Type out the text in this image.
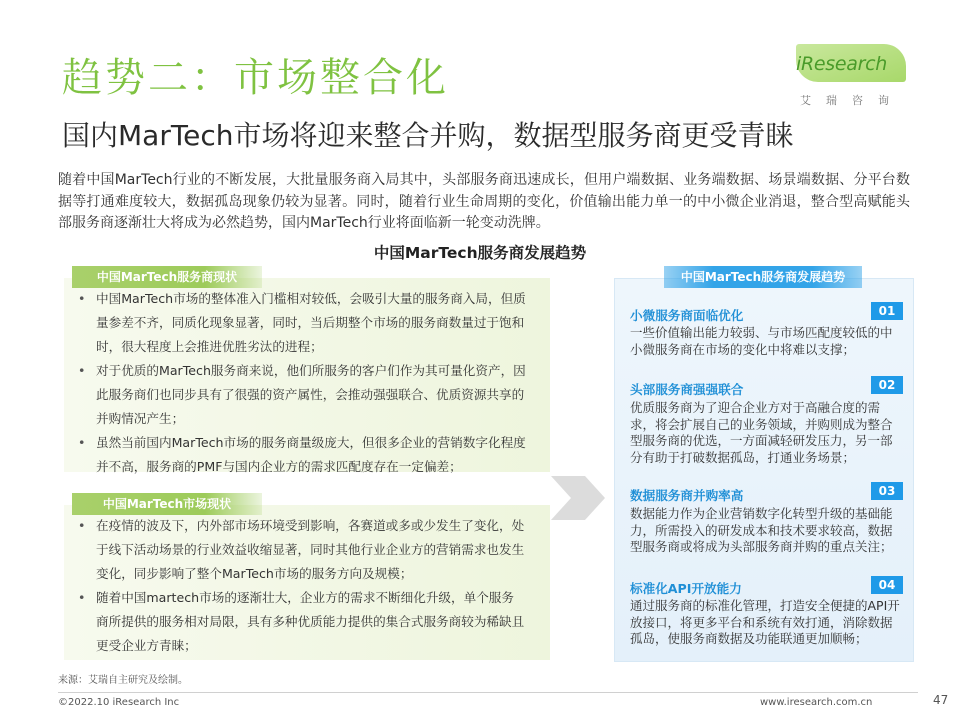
趋势二：市场整合化
国内MarTech市场将迎来整合并购，数据型服务商更受青睐
iResearch
艾瑞咨询
随着中国MarTech行业的不断发展，大批量服务商入局其中，头部服务商迅速成长，但用户端数据、业务端数据、场景端数据、分平台数据等打通难度较大，数据孤岛现象仍较为显著。同时，随着行业生命周期的变化，价值输出能力单一的中小微企业消退，整合型高赋能头部服务商逐渐壮大将成为必然趋势，国内MarTech行业将面临新一轮变动洗牌。
中国MarTech服务商发展趋势
中国MarTech服务商现状
• 中国MarTech市场的整体准入门槛相对较低，会吸引大量的服务商入局，但质量参差不齐，同质化现象显著，同时，当后期整个市场的服务商数量过于饱和时，很大程度上会推进优胜劣汰的进程；
• 对于优质的MarTech服务商来说，他们所服务的客户们作为其可量化资产，因此服务商们也同步具有了很强的资产属性，会推动强强联合、优质资源共享的并购情况产生；
• 虽然当前国内MarTech市场的服务商量级庞大，但很多企业的营销数字化程度并不高，服务商的PMF与国内企业方的需求匹配度存在一定偏差；
中国MarTech市场现状
• 在疫情的波及下，内外部市场环境受到影响，各赛道或多或少发生了变化，处于线下活动场景的行业效益收缩显著，同时其他行业企业方的营销需求也发生变化，同步影响了整个MarTech市场的服务方向及规模；
• 随着中国martech市场的逐渐壮大，企业方的需求不断细化升级，单个服务商所提供的服务相对局限，具有多种优质能力提供的集合式服务商较为稀缺且更受企业方青睐；
中国MarTech服务商发展趋势
小微服务商面临优化	01
一些价值输出能力较弱、与市场匹配度较低的中小微服务商在市场的变化中将难以支撑；
头部服务商强强联合	02
优质服务商为了迎合企业方对于高融合度的需求，将会扩展自己的业务领域，并购则成为整合型服务商的优选，一方面减轻研发压力，另一部分有助于打破数据孤岛，打通业务场景；
数据服务商并购率高	03
数据能力作为企业营销数字化转型升级的基础能力，所需投入的研发成本和技术要求较高，数据型服务商或将成为头部服务商并购的重点关注；
标准化API开放能力	04
通过服务商的标准化管理，打造安全便捷的API开放接口，将更多平台和系统有效打通，消除数据孤岛，使服务商数据及功能联通更加顺畅；
来源：艾瑞自主研究及绘制。
©2022.10 iResearch Inc	www.iresearch.com.cn	47
